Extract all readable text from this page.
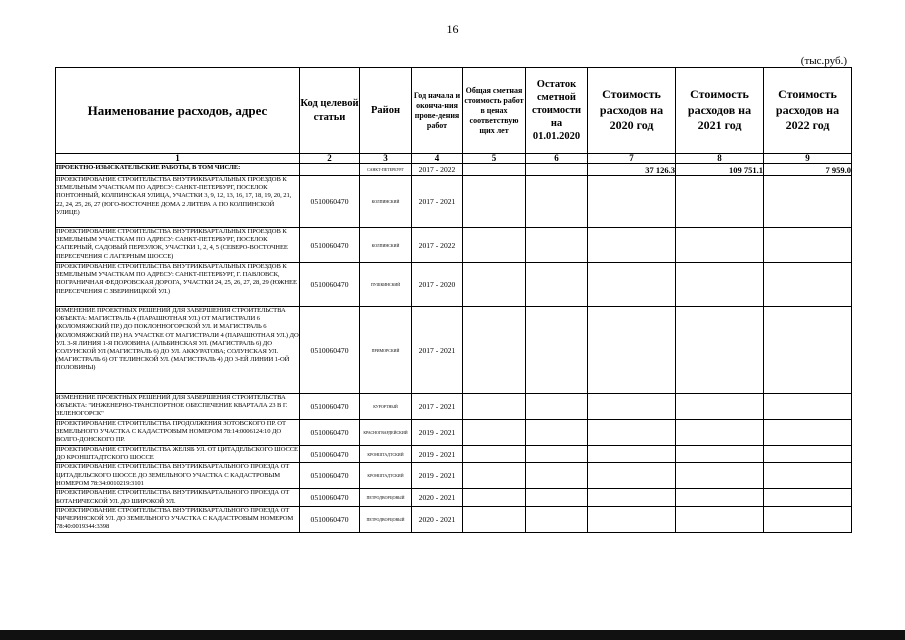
16
(тыс.руб.)
Наименование расходов, адрес	Код целевой статьи	Район	Год начала и оконча-ния прове-дения работ	Общая сметная стоимость работ в ценах соответствую щих лет	Остаток сметной стоимости на 01.01.2020	Стоимость расходов на 2020 год	Стоимость расходов на 2021 год	Стоимость расходов на 2022 год
1	2	3	4	5	6	7	8	9
ПРОЕКТНО-ИЗЫСКАТЕЛЬСКИЕ РАБОТЫ, В ТОМ ЧИСЛЕ:		САНКТ-ПЕТЕРБУРГ	2017 - 2022			37 126.3	109 751.1	7 959.0
ПРОЕКТИРОВАНИЕ СТРОИТЕЛЬСТВА ВНУТРИКВАРТАЛЬНЫХ ПРОЕЗДОВ К ЗЕМЕЛЬНЫМ УЧАСТКАМ ПО АДРЕСУ: САНКТ-ПЕТЕРБУРГ, ПОСЕЛОК ПОНТОННЫЙ, КОЛПИНСКАЯ УЛИЦА, УЧАСТКИ 3, 9, 12, 13, 16, 17, 18, 19, 20, 21, 22, 24, 25, 26, 27 (ЮГО-ВОСТОЧНЕЕ ДОМА 2 ЛИТЕРА А ПО КОЛПИНСКОЙ УЛИЦЕ)	0510060470	КОЛПИНСКИЙ	2017 - 2021					
ПРОЕКТИРОВАНИЕ СТРОИТЕЛЬСТВА ВНУТРИКВАРТАЛЬНЫХ ПРОЕЗДОВ К ЗЕМЕЛЬНЫМ УЧАСТКАМ ПО АДРЕСУ: САНКТ-ПЕТЕРБУРГ, ПОСЕЛОК САПЕРНЫЙ, САДОВЫЙ ПЕРЕУЛОК, УЧАСТКИ 1, 2, 4, 5 (СЕВЕРО-ВОСТОЧНЕЕ ПЕРЕСЕЧЕНИЯ С ЛАГЕРНЫМ ШОССЕ)	0510060470	КОЛПИНСКИЙ	2017 - 2022					
ПРОЕКТИРОВАНИЕ СТРОИТЕЛЬСТВА ВНУТРИКВАРТАЛЬНЫХ ПРОЕЗДОВ К ЗЕМЕЛЬНЫМ УЧАСТКАМ ПО АДРЕСУ: САНКТ-ПЕТЕРБУРГ, Г. ПАВЛОВСК, ПОГРАНИЧНАЯ ФЕДОРОВСКАЯ ДОРОГА, УЧАСТКИ 24, 25, 26, 27, 28, 29 (ЮЖНЕЕ ПЕРЕСЕЧЕНИЯ С ЗВЕРИНИЦКОЙ УЛ.)	0510060470	ПУШКИНСКИЙ	2017 - 2020					
ИЗМЕНЕНИЕ ПРОЕКТНЫХ РЕШЕНИЙ ДЛЯ ЗАВЕРШЕНИЯ СТРОИТЕЛЬСТВА ОБЪЕКТА: МАГИСТРАЛЬ 4 (ПАРАШЮТНАЯ УЛ.) ОТ МАГИСТРАЛИ 6 (КОЛОМЯЖСКИЙ ПР.) ДО ПОКЛОННОГОРСКОЙ УЛ. И МАГИСТРАЛЬ 6 (КОЛОМЯЖСКИЙ ПР.) НА УЧАСТКЕ ОТ МАГИСТРАЛИ 4 (ПАРАШЮТНАЯ УЛ.) ДО УЛ. 3-Я ЛИНИЯ 1-Я ПОЛОВИНА (АЛЬБИНСКАЯ УЛ. (МАГИСТРАЛЬ 6) ДО СОЛУНСКОЙ УЛ (МАГИСТРАЛЬ 6) ДО УЛ. АККУРАТОВА; СОЛУНСКАЯ УЛ. (МАГИСТРАЛЬ 6) ОТ ТЕЛИНСКОЙ УЛ. (МАГИСТРАЛЬ 4) ДО 3-ЕЙ ЛИНИИ 1-ОЙ ПОЛОВИНЫ)	0510060470	ПРИМОРСКИЙ	2017 - 2021					
ИЗМЕНЕНИЕ ПРОЕКТНЫХ РЕШЕНИЙ ДЛЯ ЗАВЕРШЕНИЯ СТРОИТЕЛЬСТВА ОБЪЕКТА: "ИНЖЕНЕРНО-ТРАНСПОРТНОЕ ОБЕСПЕЧЕНИЕ КВАРТАЛА 23 В Г. ЗЕЛЕНОГОРСК"	0510060470	КУРОРТНЫЙ	2017 - 2021					
ПРОЕКТИРОВАНИЕ СТРОИТЕЛЬСТВА ПРОДОЛЖЕНИЯ ЗОТОВСКОГО ПР. ОТ ЗЕМЕЛЬНОГО УЧАСТКА С КАДАСТРОВЫМ НОМЕРОМ 78:14:0006124:10 ДО ВОЛГО-ДОНСКОГО ПР.	0510060470	КРАСНОГВАРДЕЙСКИЙ	2019 - 2021					
ПРОЕКТИРОВАНИЕ СТРОИТЕЛЬСТВА ЖЕЛЯБ УЛ. ОТ ЦИТАДЕЛЬСКОГО ШОССЕ ДО КРОНШТАДТСКОГО ШОССЕ	0510060470	КРОНШТАДТСКИЙ	2019 - 2021					
ПРОЕКТИРОВАНИЕ СТРОИТЕЛЬСТВА ВНУТРИКВАРТАЛЬНОГО ПРОЕЗДА ОТ ЦИТАДЕЛЬСКОГО ШОССЕ ДО ЗЕМЕЛЬНОГО УЧАСТКА С КАДАСТРОВЫМ НОМЕРОМ 78:34:0010219:3101	0510060470	КРОНШТАДТСКИЙ	2019 - 2021					
ПРОЕКТИРОВАНИЕ СТРОИТЕЛЬСТВА ВНУТРИКВАРТАЛЬНОГО ПРОЕЗДА ОТ БОТАНИЧЕСКОЙ УЛ. ДО ШИРОКОЙ УЛ.	0510060470	ПЕТРОДВОРЦОВЫЙ	2020 - 2021					
ПРОЕКТИРОВАНИЕ СТРОИТЕЛЬСТВА ВНУТРИКВАРТАЛЬНОГО ПРОЕЗДА ОТ ЧИЧЕРИНСКОЙ УЛ. ДО ЗЕМЕЛЬНОГО УЧАСТКА С КАДАСТРОВЫМ НОМЕРОМ 78:40:0019344:3398	0510060470	ПЕТРОДВОРЦОВЫЙ	2020 - 2021					
